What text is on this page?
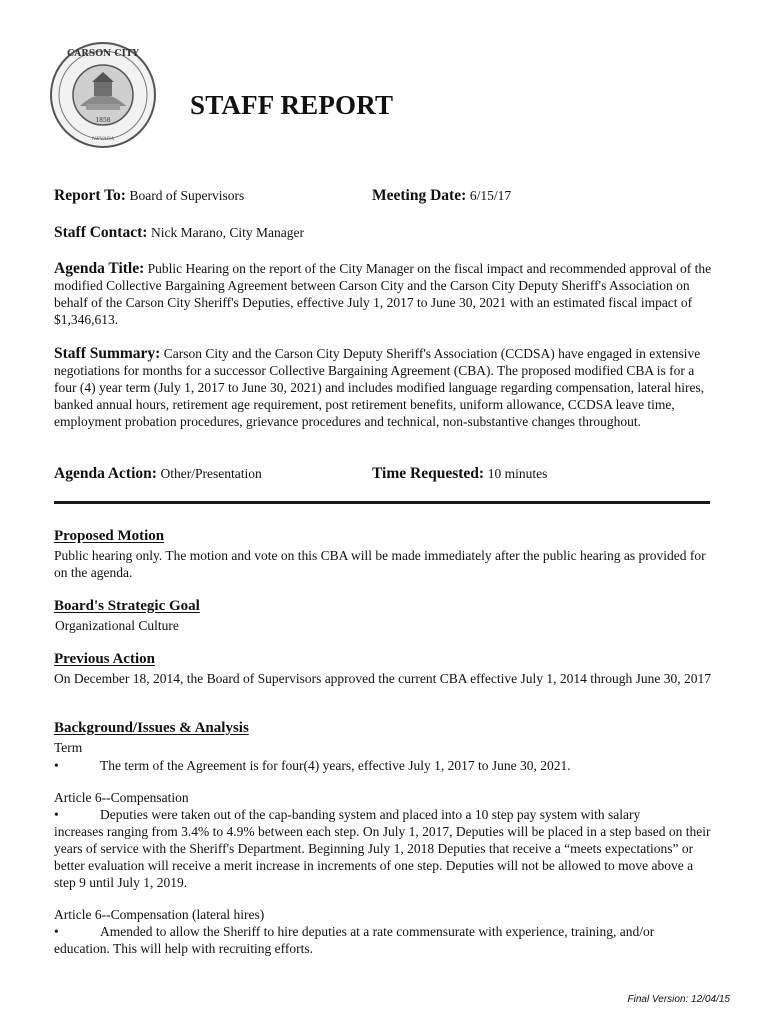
CARSON CITY
1858
NEVADA
STAFF REPORT
Report To: Board of Supervisors	Meeting Date: 6/15/17
Staff Contact: Nick Marano, City Manager
Agenda Title: Public Hearing on the report of the City Manager on the fiscal impact and recommended approval of the modified Collective Bargaining Agreement between Carson City and the Carson City Deputy Sheriff's Association on behalf of the Carson City Sheriff's Deputies, effective July 1, 2017 to June 30, 2021 with an estimated fiscal impact of $1,346,613.
Staff Summary: Carson City and the Carson City Deputy Sheriff's Association (CCDSA) have engaged in extensive negotiations for months for a successor Collective Bargaining Agreement (CBA). The proposed modified CBA is for a four (4) year term (July 1, 2017 to June 30, 2021) and includes modified language regarding compensation, lateral hires, banked annual hours, retirement age requirement, post retirement benefits, uniform allowance, CCDSA leave time, employment probation procedures, grievance procedures and technical, non-substantive changes throughout.
Agenda Action: Other/Presentation	Time Requested: 10 minutes
Proposed Motion
Public hearing only. The motion and vote on this CBA will be made immediately after the public hearing as provided for on the agenda.
Board's Strategic Goal
Organizational Culture
Previous Action
On December 18, 2014, the Board of Supervisors approved the current CBA effective July 1, 2014 through June 30, 2017
Background/Issues & Analysis
Term
•	The term of the Agreement is for four(4) years, effective July 1, 2017 to June 30, 2021.
Article 6--Compensation
•	Deputies were taken out of the cap-banding system and placed into a 10 step pay system with salary
increases ranging from 3.4% to 4.9% between each step. On July 1, 2017, Deputies will be placed in a step based on their years of service with the Sheriff's Department. Beginning July 1, 2018 Deputies that receive a “meets expectations” or better evaluation will receive a merit increase in increments of one step. Deputies will not be allowed to move above a step 9 until July 1, 2019.
Article 6--Compensation (lateral hires)
•	Amended to allow the Sheriff to hire deputies at a rate commensurate with experience, training, and/or
education. This will help with recruiting efforts.
Final Version: 12/04/15
